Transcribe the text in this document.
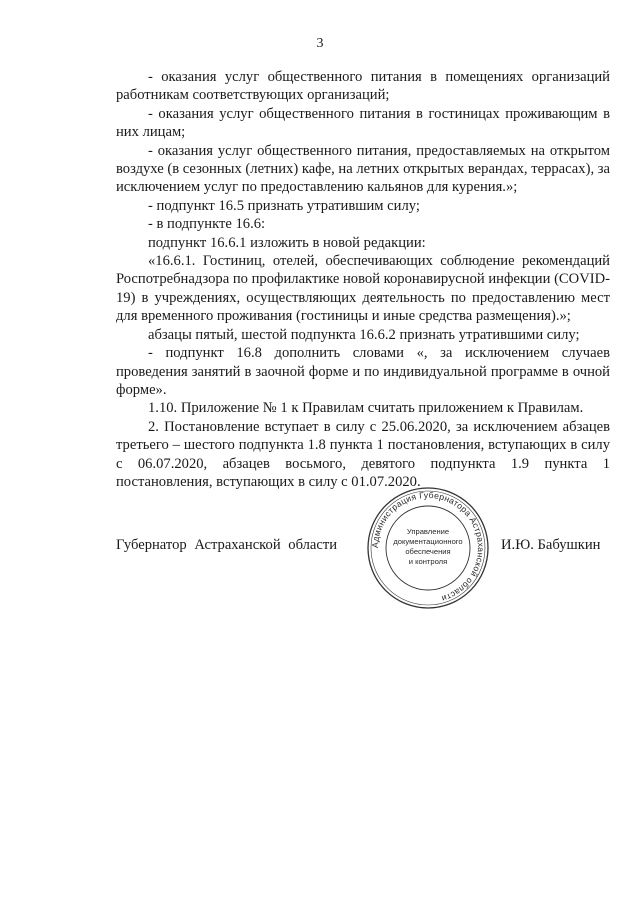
3

- оказания услуг общественного питания в помещениях организаций работникам соответствующих организаций;

- оказания услуг общественного питания в гостиницах проживающим в них лицам;

- оказания услуг общественного питания, предоставляемых на открытом воздухе (в сезонных (летних) кафе, на летних открытых верандах, террасах), за исключением услуг по предоставлению кальянов для курения.»;

- подпункт 16.5 признать утратившим силу;

- в подпункте 16.6:

подпункт 16.6.1 изложить в новой редакции:

«16.6.1. Гостиниц, отелей, обеспечивающих соблюдение рекомендаций Роспотребнадзора по профилактике новой коронавирусной инфекции (COVID-19) в учреждениях, осуществляющих деятельность по предоставлению мест для временного проживания (гостиницы и иные средства размещения).»;

абзацы пятый, шестой подпункта 16.6.2 признать утратившими силу;

- подпункт 16.8 дополнить словами «, за исключением случаев проведения занятий в заочной форме и по индивидуальной программе в очной форме».

1.10. Приложение № 1 к Правилам считать приложением к Правилам.

2. Постановление вступает в силу с 25.06.2020, за исключением абзацев третьего – шестого подпункта 1.8 пункта 1 постановления, вступающих в силу с 06.07.2020, абзацев восьмого, девятого подпункта 1.9 пункта 1 постановления, вступающих в силу с 01.07.2020.

Губернатор Астраханской области	И.Ю. Бабушкин
Администрация Губернатора Астраханской области
Управление
документационного
обеспечения
и контроля
